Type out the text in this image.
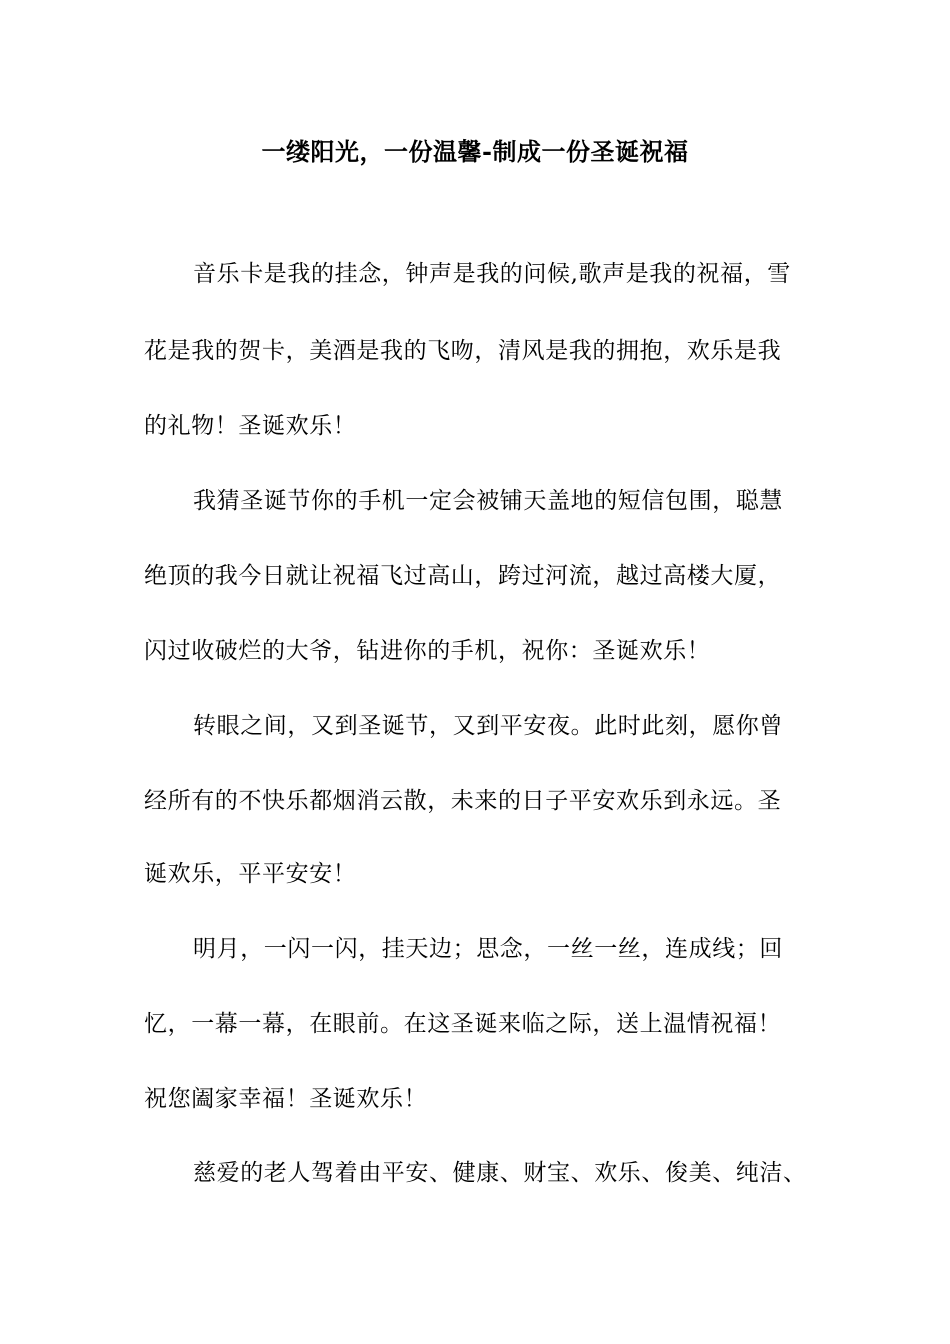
一缕阳光，一份温馨-制成一份圣诞祝福
音乐卡是我的挂念，钟声是我的问候,歌声是我的祝福，雪
花是我的贺卡，美酒是我的飞吻，清风是我的拥抱，欢乐是我
的礼物！圣诞欢乐！
我猜圣诞节你的手机一定会被铺天盖地的短信包围，聪慧
绝顶的我今日就让祝福飞过高山，跨过河流，越过高楼大厦，
闪过收破烂的大爷，钻进你的手机，祝你：圣诞欢乐！
转眼之间，又到圣诞节，又到平安夜。此时此刻，愿你曾
经所有的不快乐都烟消云散，未来的日子平安欢乐到永远。圣
诞欢乐，平平安安！
明月，一闪一闪，挂天边；思念，一丝一丝，连成线；回
忆，一幕一幕，在眼前。在这圣诞来临之际，送上温情祝福！
祝您阖家幸福！圣诞欢乐！
慈爱的老人驾着由平安、健康、财宝、欢乐、俊美、纯洁、
